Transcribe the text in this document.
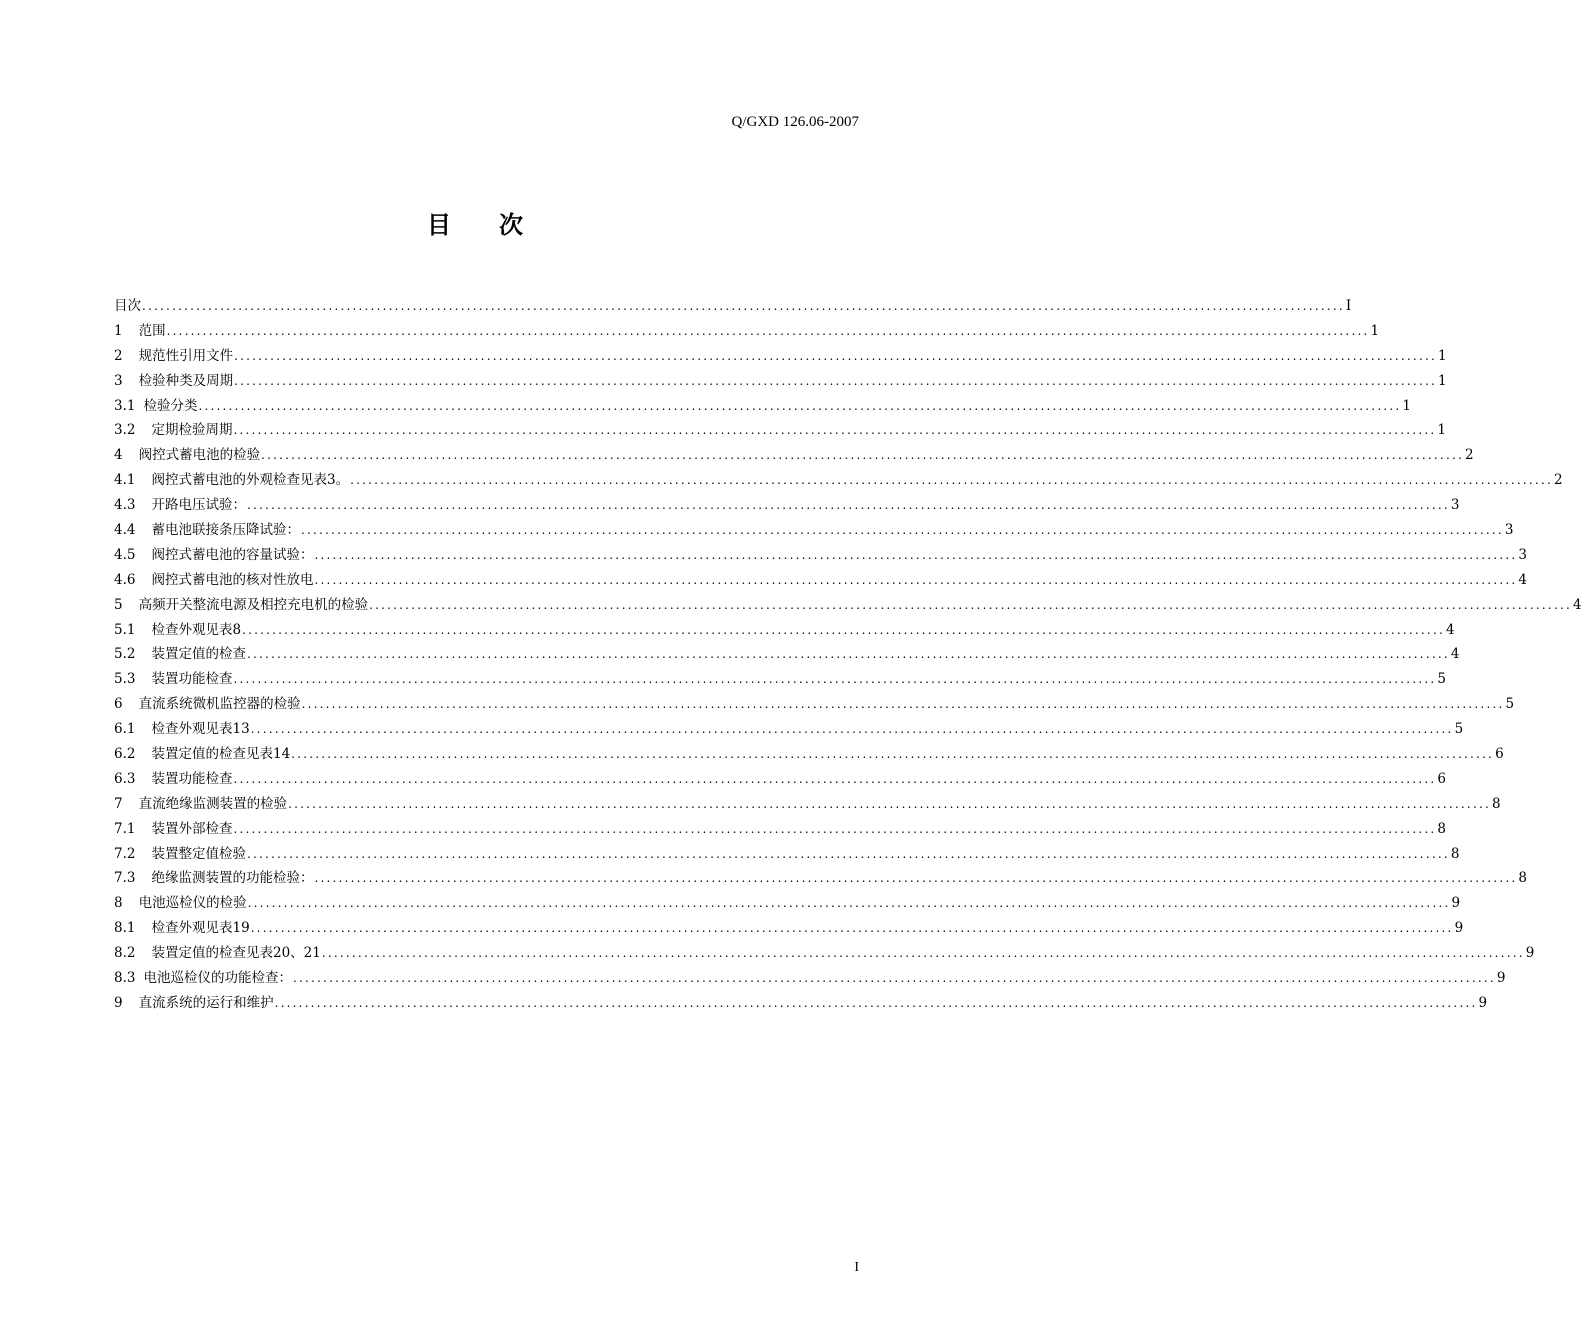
Q/GXD 126.06-2007
目 次
目次 ........................................................................................................................................................................................................ I
1 范围 ........................................................................................................................................................................................................ 1
2 规范性引用文件 ........................................................................................................................................................................................................ 1
3 检验种类及周期 ........................................................................................................................................................................................................ 1
3.1 检验分类 ........................................................................................................................................................................................................ 1
3.2 定期检验周期 ........................................................................................................................................................................................................ 1
4 阀控式蓄电池的检验 ........................................................................................................................................................................................................ 2
4.1 阀控式蓄电池的外观检查见表3。 ........................................................................................................................................................................................................ 2
4.3 开路电压试验： ........................................................................................................................................................................................................ 3
4.4 蓄电池联接条压降试验： ........................................................................................................................................................................................................ 3
4.5 阀控式蓄电池的容量试验： ........................................................................................................................................................................................................ 3
4.6 阀控式蓄电池的核对性放电 ........................................................................................................................................................................................................ 4
5 高频开关整流电源及相控充电机的检验 ........................................................................................................................................................................................................ 4
5.1 检查外观见表8 ........................................................................................................................................................................................................ 4
5.2 装置定值的检查 ........................................................................................................................................................................................................ 4
5.3 装置功能检查 ........................................................................................................................................................................................................ 5
6 直流系统微机监控器的检验 ........................................................................................................................................................................................................ 5
6.1 检查外观见表13 ........................................................................................................................................................................................................ 5
6.2 装置定值的检查见表14 ........................................................................................................................................................................................................ 6
6.3 装置功能检查 ........................................................................................................................................................................................................ 6
7 直流绝缘监测装置的检验 ........................................................................................................................................................................................................ 8
7.1 装置外部检查 ........................................................................................................................................................................................................ 8
7.2 装置整定值检验 ........................................................................................................................................................................................................ 8
7.3 绝缘监测装置的功能检验： ........................................................................................................................................................................................................ 8
8 电池巡检仪的检验 ........................................................................................................................................................................................................ 9
8.1 检查外观见表19 ........................................................................................................................................................................................................ 9
8.2 装置定值的检查见表20、21 ........................................................................................................................................................................................................ 9
8.3 电池巡检仪的功能检查： ........................................................................................................................................................................................................ 9
9 直流系统的运行和维护 ........................................................................................................................................................................................................ 9
I
